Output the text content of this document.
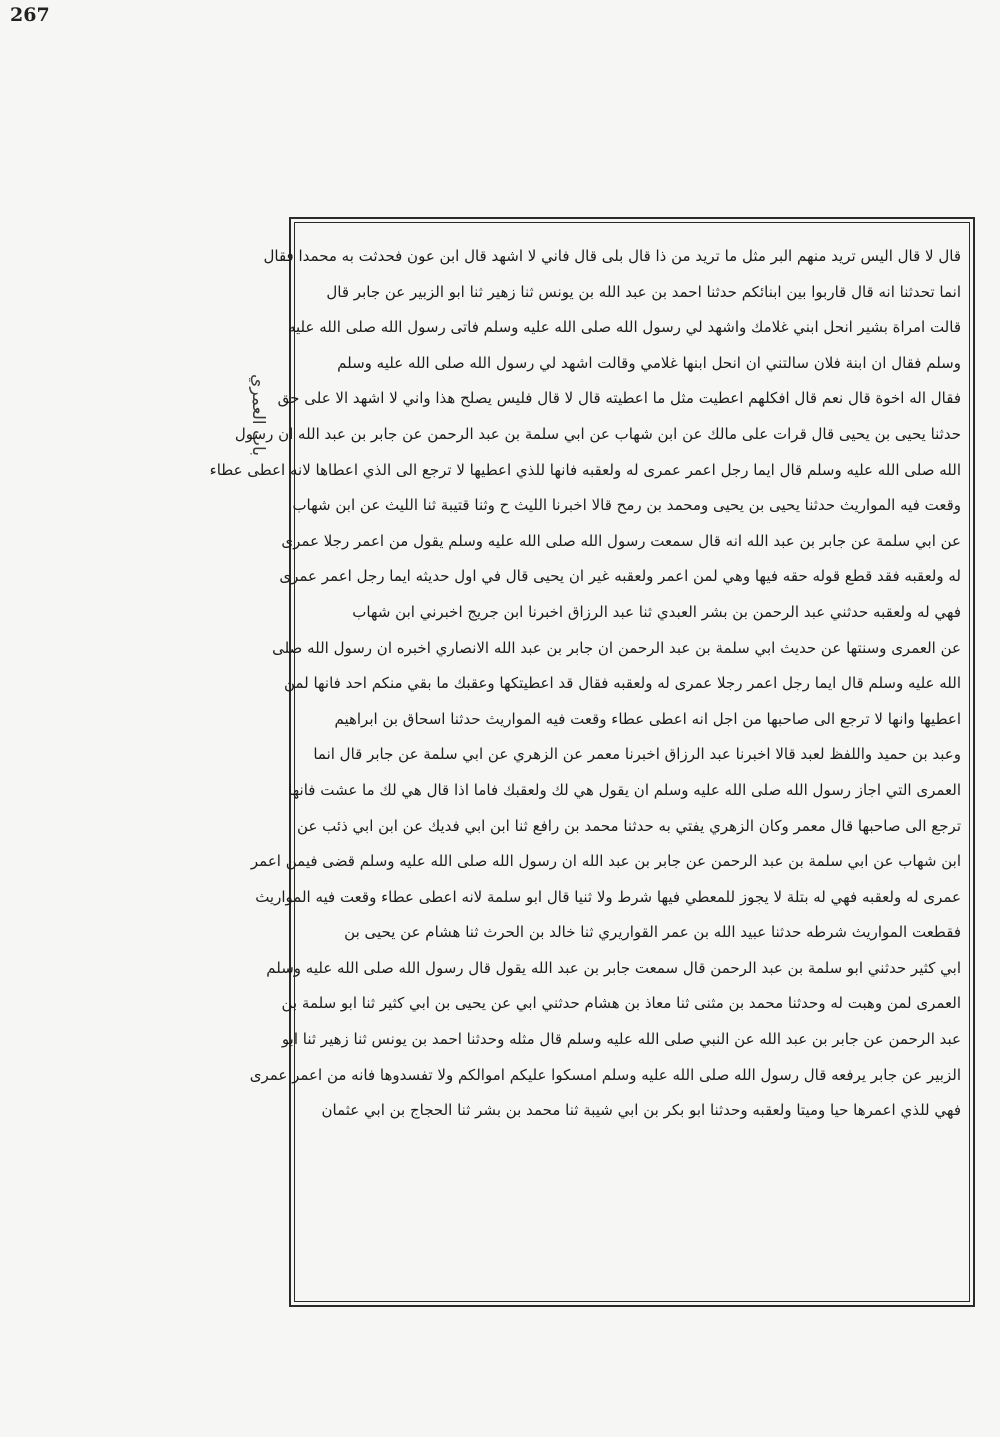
267
باب العمري
قال لا قال اليس تريد منهم البر مثل ما تريد من ذا قال بلى قال فاني لا اشهد قال ابن عون فحدثت به محمدا فقال
انما تحدثنا انه قال قاربوا بين ابنائكم حدثنا احمد بن عبد الله بن يونس ثنا زهير ثنا ابو الزبير عن جابر قال
قالت امراة بشير انحل ابني غلامك واشهد لي رسول الله صلى الله عليه وسلم فاتى رسول الله صلى الله عليه
وسلم فقال ان ابنة فلان سالتني ان انحل ابنها غلامي وقالت اشهد لي رسول الله صلى الله عليه وسلم
فقال اله اخوة قال نعم قال افكلهم اعطيت مثل ما اعطيته قال لا قال فليس يصلح هذا واني لا اشهد الا على حق
حدثنا يحيى بن يحيى قال قرات على مالك عن ابن شهاب عن ابي سلمة بن عبد الرحمن عن جابر بن عبد الله ان رسول
الله صلى الله عليه وسلم قال ايما رجل اعمر عمرى له ولعقبه فانها للذي اعطيها لا ترجع الى الذي اعطاها لانه اعطى عطاء
وقعت فيه المواريث حدثنا يحيى بن يحيى ومحمد بن رمح قالا اخبرنا الليث ح وثنا قتيبة ثنا الليث عن ابن شهاب
عن ابي سلمة عن جابر بن عبد الله انه قال سمعت رسول الله صلى الله عليه وسلم يقول من اعمر رجلا عمرى
له ولعقبه فقد قطع قوله حقه فيها وهي لمن اعمر ولعقبه غير ان يحيى قال في اول حديثه ايما رجل اعمر عمرى
فهي له ولعقبه حدثني عبد الرحمن بن بشر العبدي ثنا عبد الرزاق اخبرنا ابن جريج اخبرني ابن شهاب
عن العمرى وسنتها عن حديث ابي سلمة بن عبد الرحمن ان جابر بن عبد الله الانصاري اخبره ان رسول الله صلى
الله عليه وسلم قال ايما رجل اعمر رجلا عمرى له ولعقبه فقال قد اعطيتكها وعقبك ما بقي منكم احد فانها لمن
اعطيها وانها لا ترجع الى صاحبها من اجل انه اعطى عطاء وقعت فيه المواريث حدثنا اسحاق بن ابراهيم
وعبد بن حميد واللفظ لعبد قالا اخبرنا عبد الرزاق اخبرنا معمر عن الزهري عن ابي سلمة عن جابر قال انما
العمرى التي اجاز رسول الله صلى الله عليه وسلم ان يقول هي لك ولعقبك فاما اذا قال هي لك ما عشت فانها
ترجع الى صاحبها قال معمر وكان الزهري يفتي به حدثنا محمد بن رافع ثنا ابن ابي فديك عن ابن ابي ذئب عن
ابن شهاب عن ابي سلمة بن عبد الرحمن عن جابر بن عبد الله ان رسول الله صلى الله عليه وسلم قضى فيمن اعمر
عمرى له ولعقبه فهي له بتلة لا يجوز للمعطي فيها شرط ولا ثنيا قال ابو سلمة لانه اعطى عطاء وقعت فيه المواريث
فقطعت المواريث شرطه حدثنا عبيد الله بن عمر القواريري ثنا خالد بن الحرث ثنا هشام عن يحيى بن
ابي كثير حدثني ابو سلمة بن عبد الرحمن قال سمعت جابر بن عبد الله يقول قال رسول الله صلى الله عليه وسلم
العمرى لمن وهبت له وحدثنا محمد بن مثنى ثنا معاذ بن هشام حدثني ابي عن يحيى بن ابي كثير ثنا ابو سلمة بن
عبد الرحمن عن جابر بن عبد الله عن النبي صلى الله عليه وسلم قال مثله وحدثنا احمد بن يونس ثنا زهير ثنا ابو
الزبير عن جابر يرفعه قال رسول الله صلى الله عليه وسلم امسكوا عليكم اموالكم ولا تفسدوها فانه من اعمر عمرى
فهي للذي اعمرها حيا وميتا ولعقبه وحدثنا ابو بكر بن ابي شيبة ثنا محمد بن بشر ثنا الحجاج بن ابي عثمان
